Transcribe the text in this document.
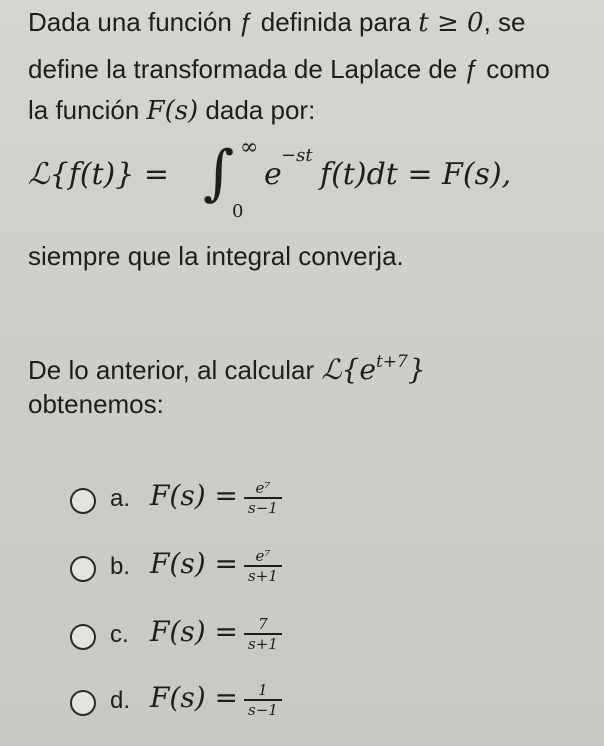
Dada una función ƒ definida para t ≥ 0, se
define la transformada de Laplace de ƒ como
la función F(s) dada por:
ℒ{f(t)} = ∫ ∞
0
e
−st
f(t)dt = F(s),
siempre que la integral converja.
De lo anterior, al calcular $ℒ\{e^{t+7}\}$
obtenemos:
a. $F(s) = \frac{\text{e⁷}}{s-1}$
b. $F(s) = \frac{\text{e⁷}}{s+1}$
c. $F(s) = \frac{7}{s+1}$
d. $F(s) = \frac{1}{s-1}$
